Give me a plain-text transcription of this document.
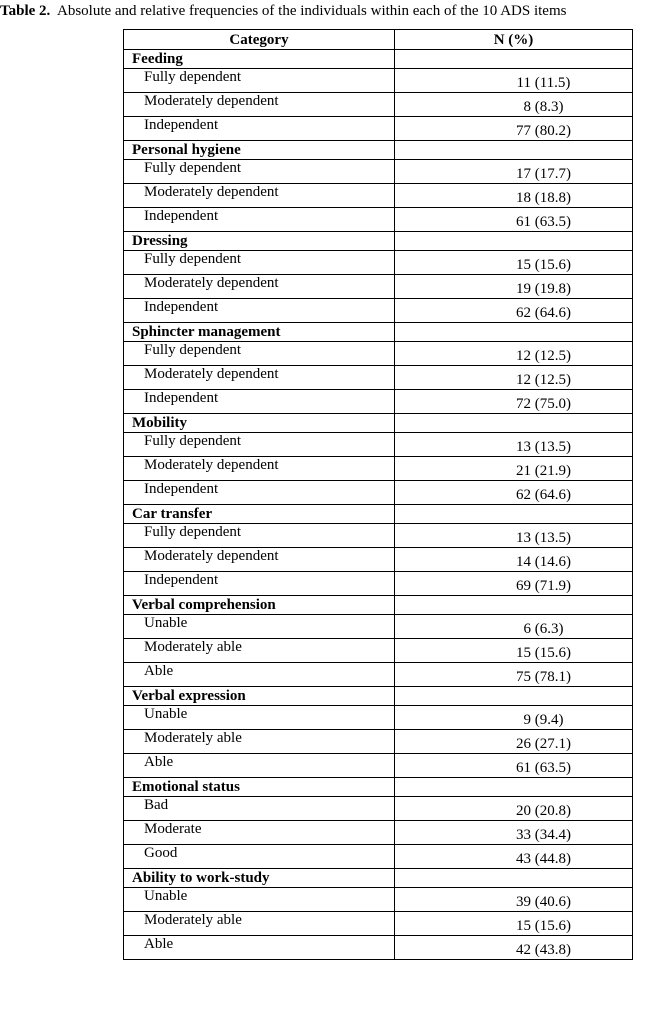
Table 2. Absolute and relative frequencies of the individuals within each of the 10 ADS items
Category	N (%)
Feeding	
Fully dependent	11 (11.5)
Moderately dependent	8 (8.3)
Independent	77 (80.2)
Personal hygiene	
Fully dependent	17 (17.7)
Moderately dependent	18 (18.8)
Independent	61 (63.5)
Dressing	
Fully dependent	15 (15.6)
Moderately dependent	19 (19.8)
Independent	62 (64.6)
Sphincter management	
Fully dependent	12 (12.5)
Moderately dependent	12 (12.5)
Independent	72 (75.0)
Mobility	
Fully dependent	13 (13.5)
Moderately dependent	21 (21.9)
Independent	62 (64.6)
Car transfer	
Fully dependent	13 (13.5)
Moderately dependent	14 (14.6)
Independent	69 (71.9)
Verbal comprehension	
Unable	6 (6.3)
Moderately able	15 (15.6)
Able	75 (78.1)
Verbal expression	
Unable	9 (9.4)
Moderately able	26 (27.1)
Able	61 (63.5)
Emotional status	
Bad	20 (20.8)
Moderate	33 (34.4)
Good	43 (44.8)
Ability to work-study	
Unable	39 (40.6)
Moderately able	15 (15.6)
Able	42 (43.8)
